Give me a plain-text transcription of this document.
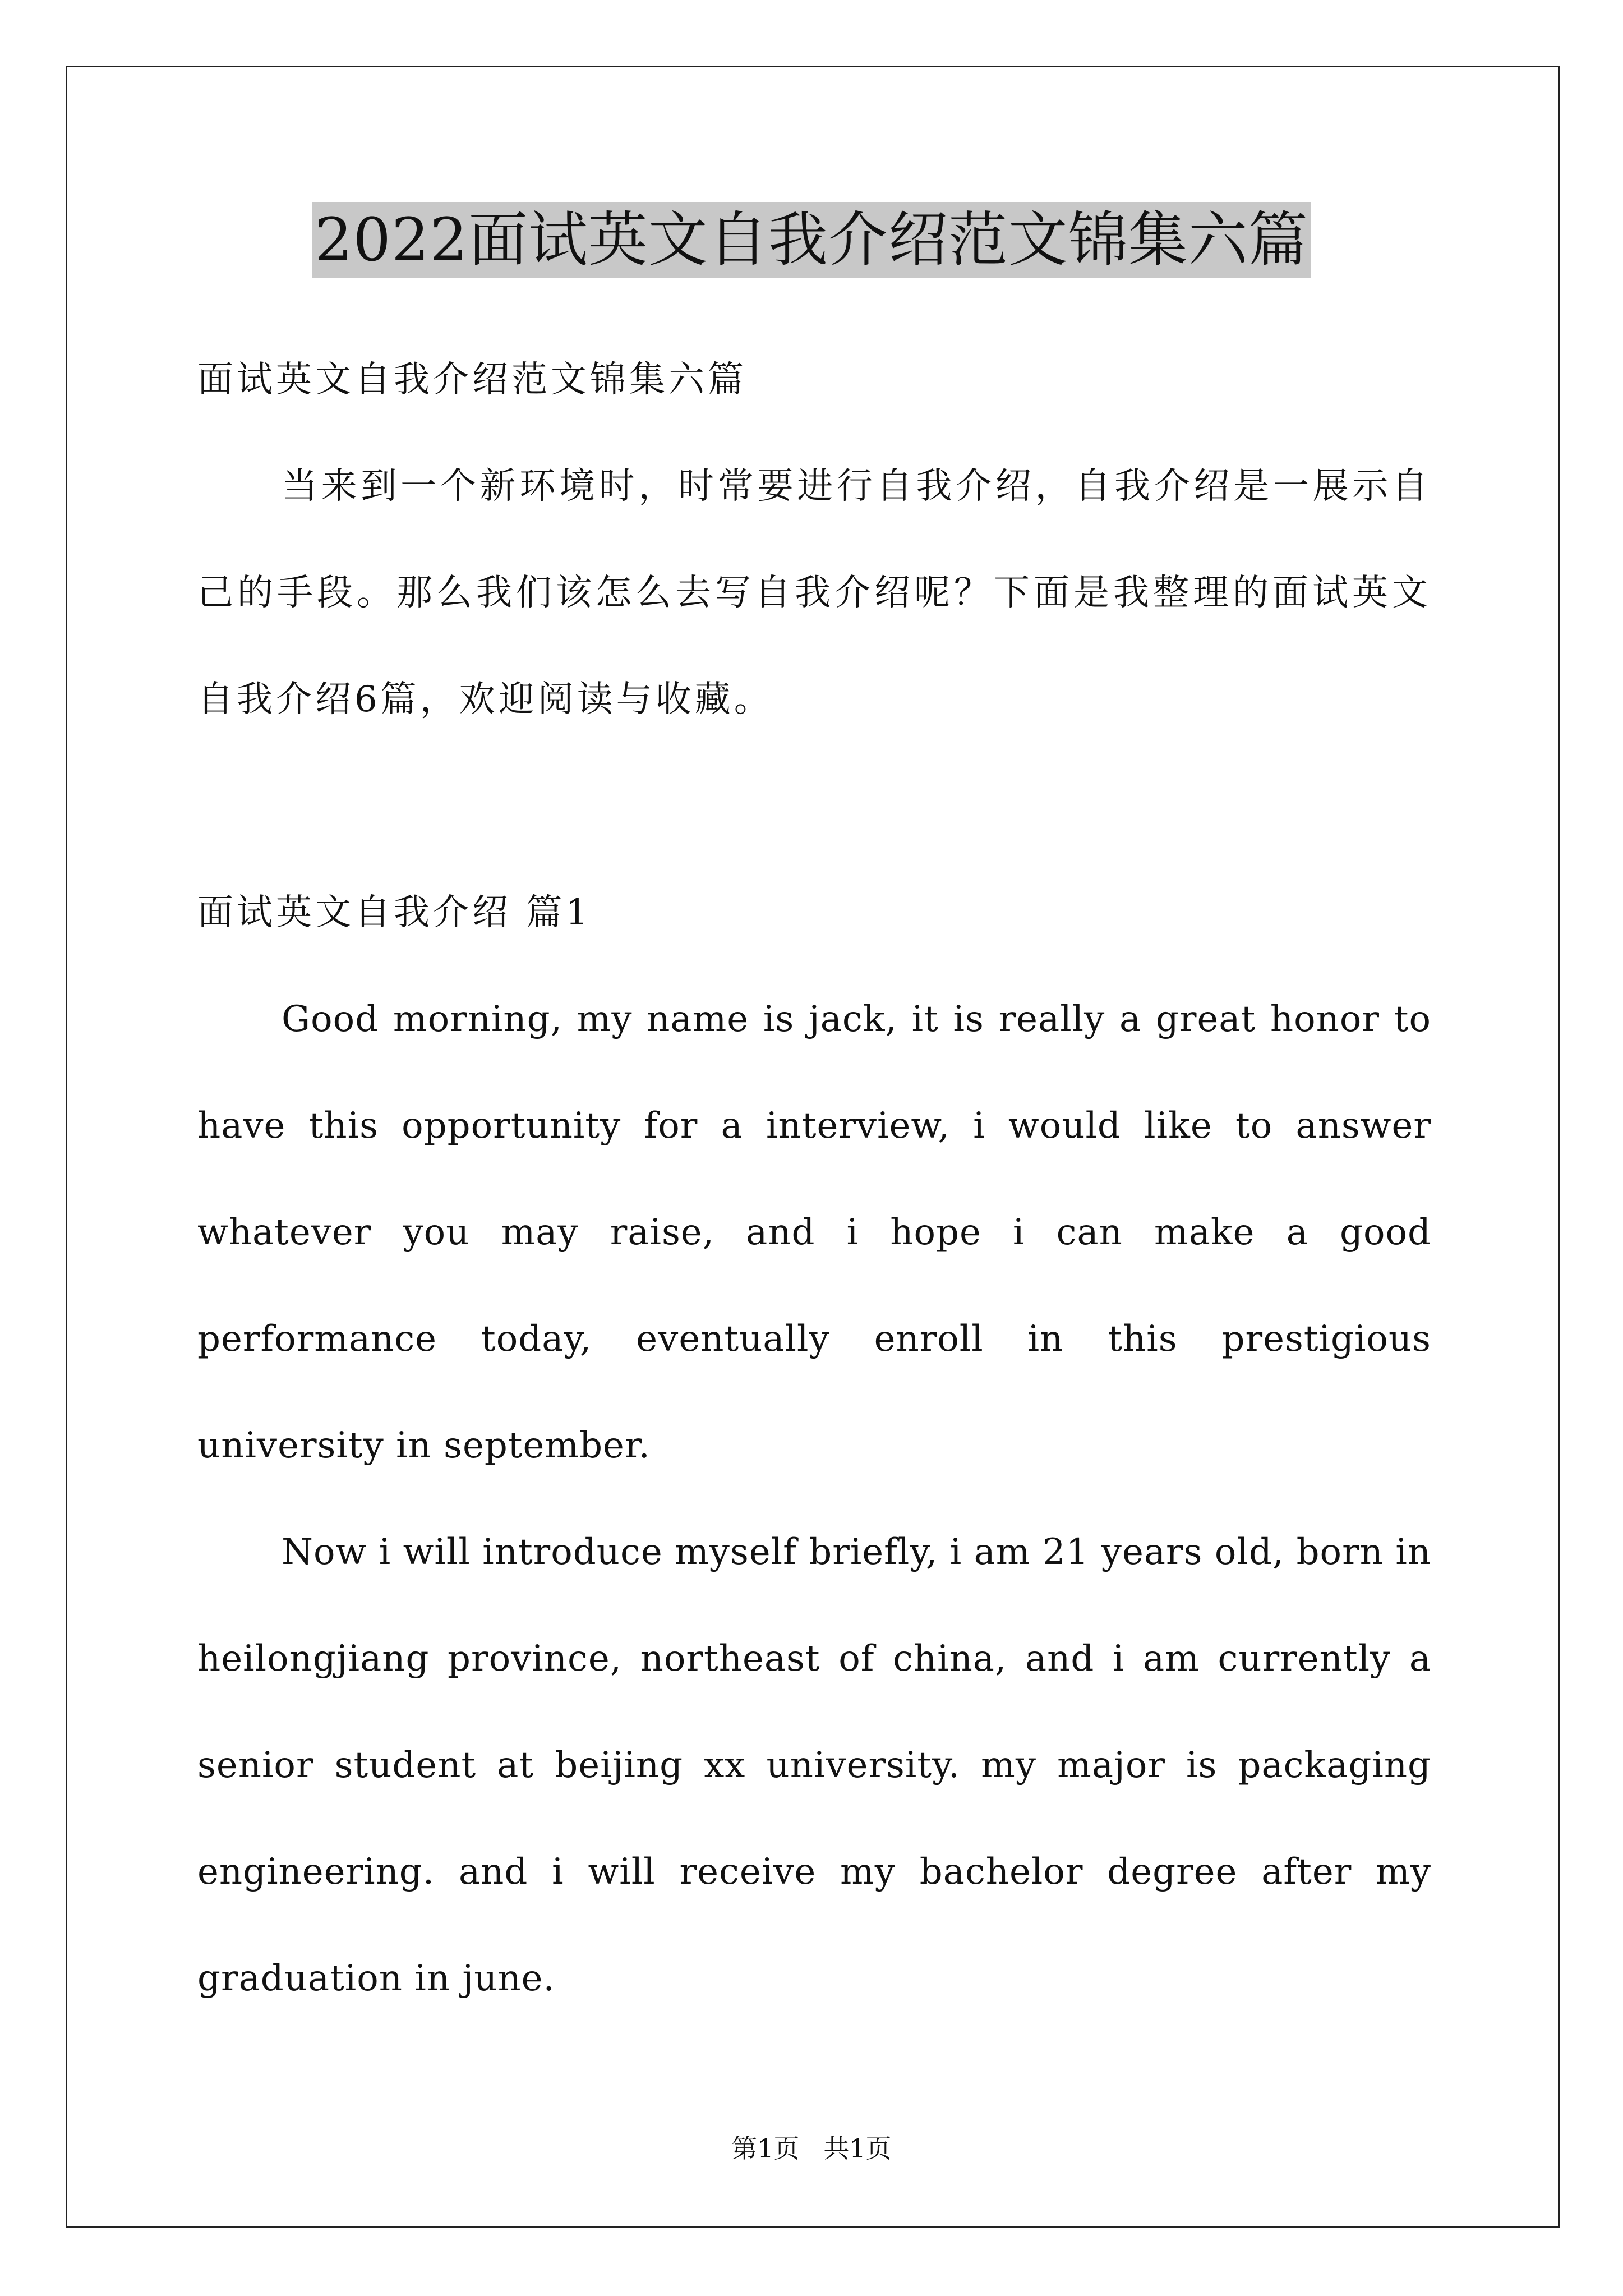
2022面试英文自我介绍范文锦集六篇

面试英文自我介绍范文锦集六篇

当来到一个新环境时，时常要进行自我介绍，自我介绍是一展示自己的手段。那么我们该怎么去写自我介绍呢？下面是我整理的面试英文自我介绍6篇，欢迎阅读与收藏。

面试英文自我介绍 篇1

Good morning, my name is jack, it is really a great honor to have this opportunity for a interview, i would like to answer whatever you may raise, and i hope i can make a good performance today, eventually enroll in this prestigious university in september.

Now i will introduce myself briefly, i am 21 years old, born in heilongjiang province, northeast of china, and i am currently a senior student at beijing xx university. my major is packaging engineering. and i will receive my bachelor degree after my graduation in june.

第1页 共1页
